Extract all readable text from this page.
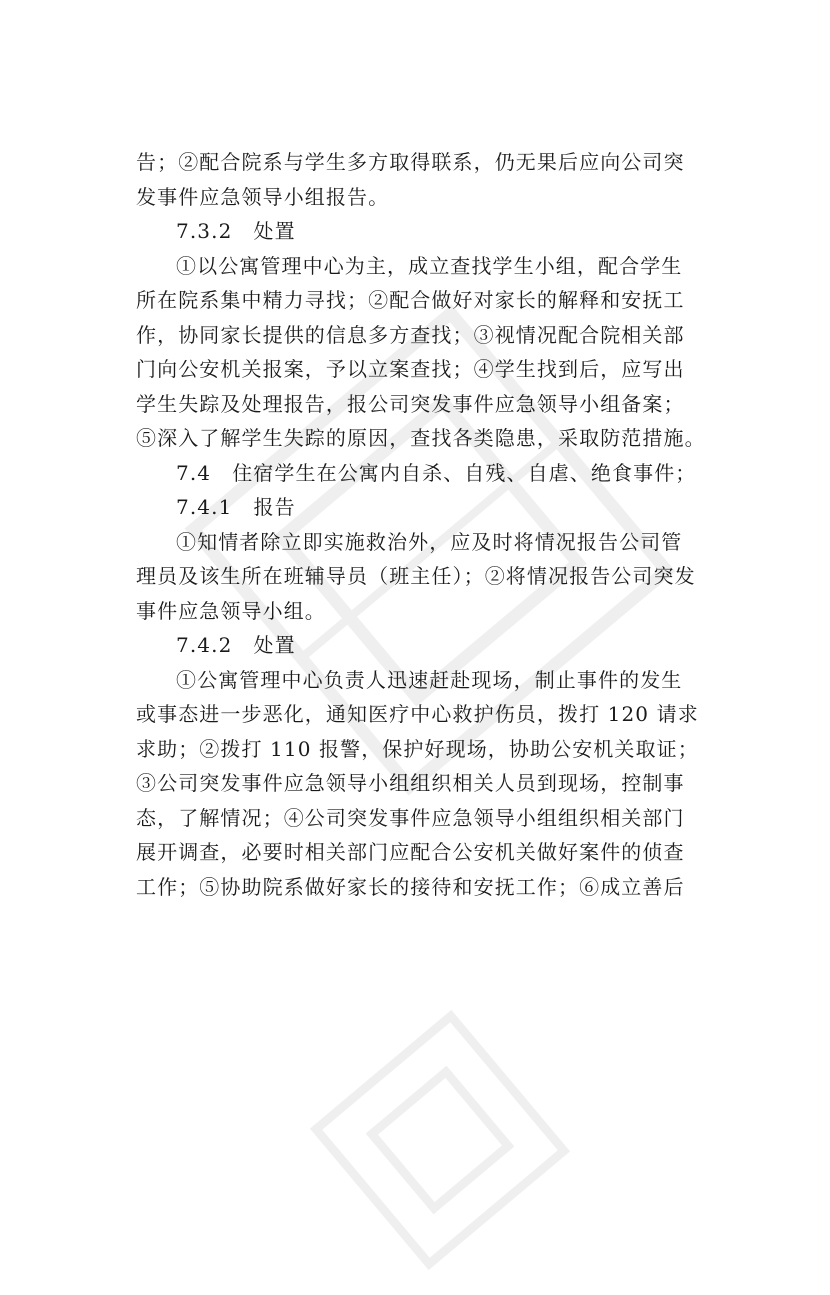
告；②配合院系与学生多方取得联系，仍无果后应向公司突
发事件应急领导小组报告。
7.3.2　处置
①以公寓管理中心为主，成立查找学生小组，配合学生
所在院系集中精力寻找；②配合做好对家长的解释和安抚工
作，协同家长提供的信息多方查找；③视情况配合院相关部
门向公安机关报案，予以立案查找；④学生找到后，应写出
学生失踪及处理报告，报公司突发事件应急领导小组备案；
⑤深入了解学生失踪的原因，查找各类隐患，采取防范措施。
7.4　住宿学生在公寓内自杀、自残、自虐、绝食事件；
7.4.1　报告
①知情者除立即实施救治外，应及时将情况报告公司管
理员及该生所在班辅导员（班主任）；②将情况报告公司突发
事件应急领导小组。
7.4.2　处置
①公寓管理中心负责人迅速赶赴现场，制止事件的发生
或事态进一步恶化，通知医疗中心救护伤员，拨打 120 请求
求助；②拨打 110 报警，保护好现场，协助公安机关取证；
③公司突发事件应急领导小组组织相关人员到现场，控制事
态，了解情况；④公司突发事件应急领导小组组织相关部门
展开调查，必要时相关部门应配合公安机关做好案件的侦查
工作；⑤协助院系做好家长的接待和安抚工作；⑥成立善后
